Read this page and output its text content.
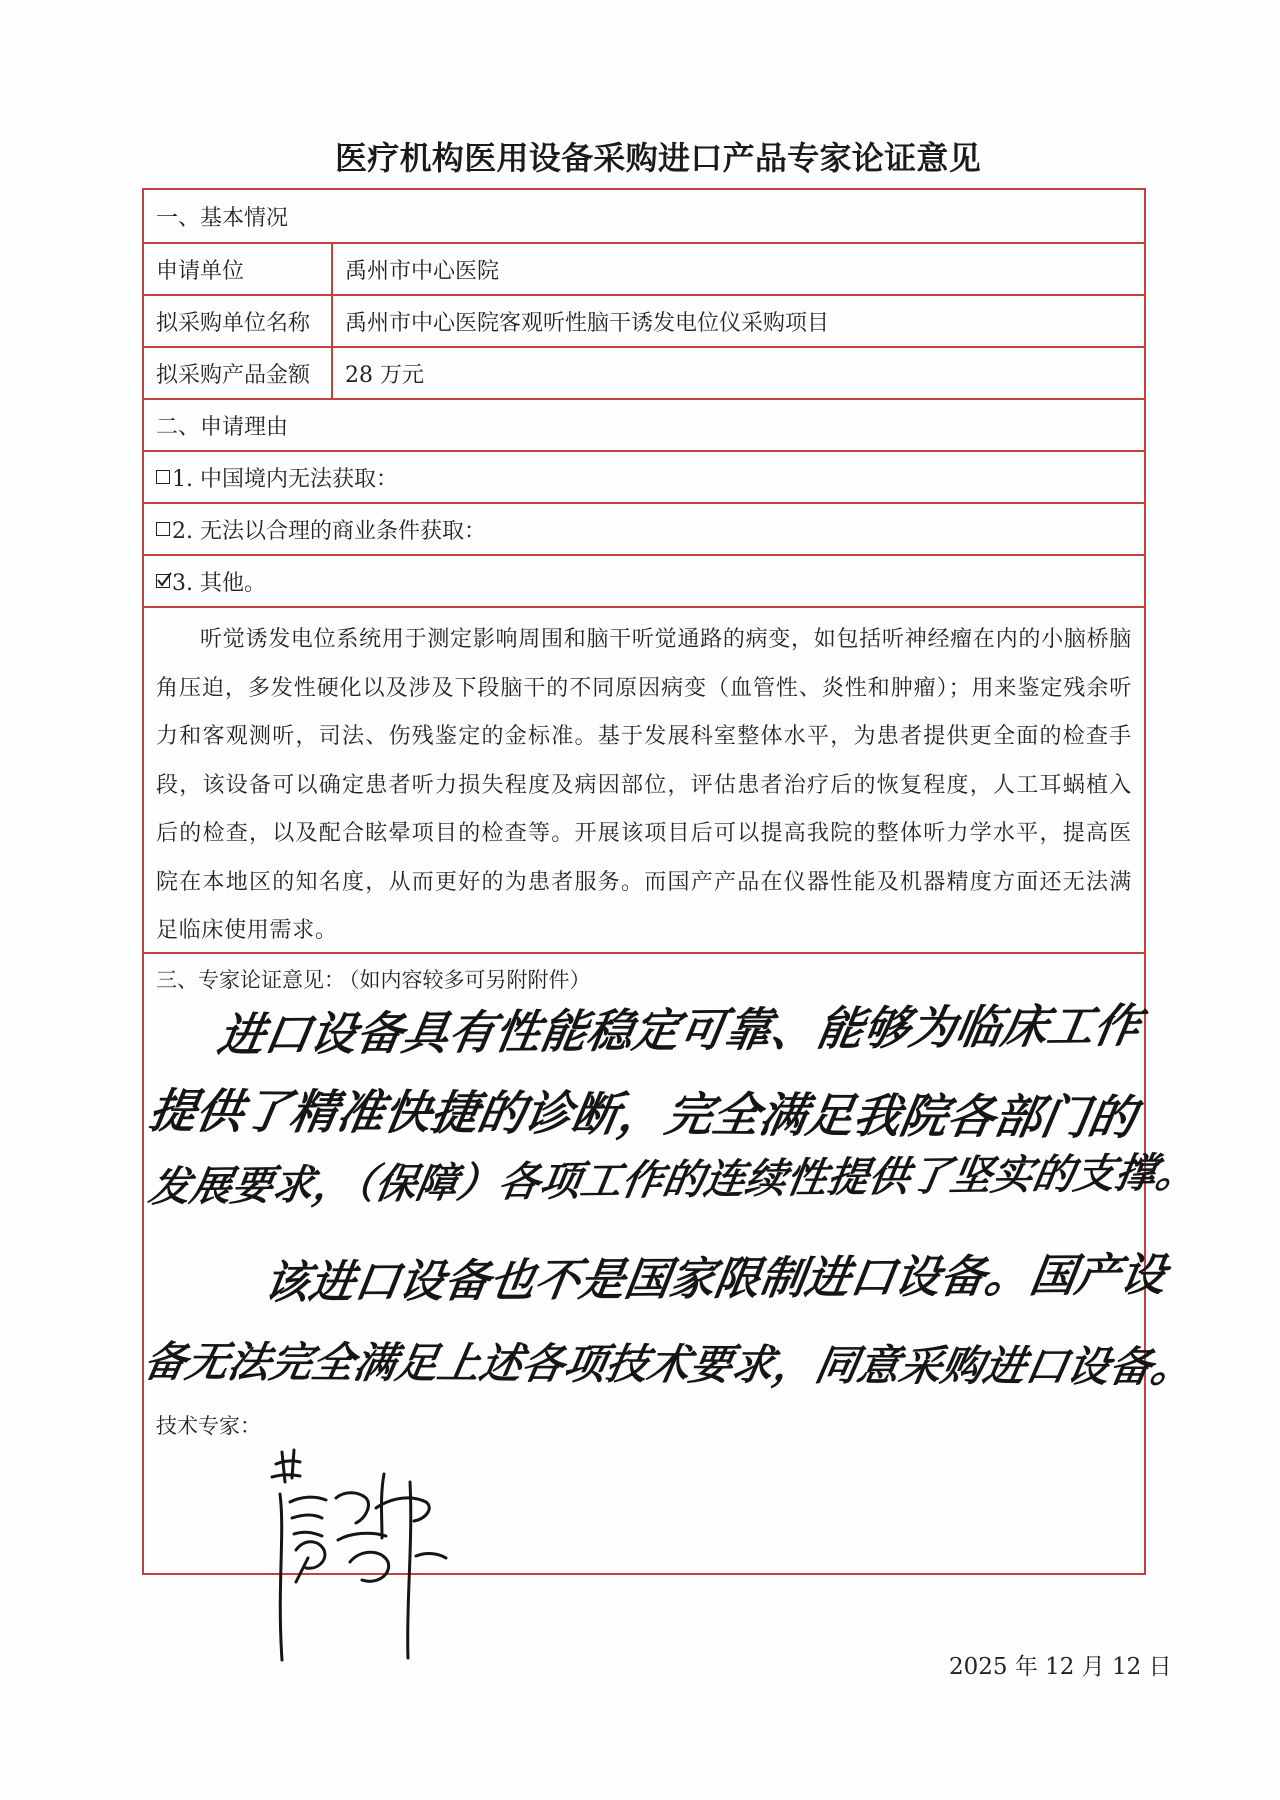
医疗机构医用设备采购进口产品专家论证意见
一、基本情况
申请单位	禹州市中心医院
拟采购单位名称	禹州市中心医院客观听性脑干诱发电位仪采购项目
拟采购产品金额	28 万元
二、申请理由
1. 中国境内无法获取：
2. 无法以合理的商业条件获取：
3. 其他。
听觉诱发电位系统用于测定影响周围和脑干听觉通路的病变，如包括听神经瘤在内的小脑桥脑角压迫，多发性硬化以及涉及下段脑干的不同原因病变（血管性、炎性和肿瘤）；用来鉴定残余听力和客观测听，司法、伤残鉴定的金标准。基于发展科室整体水平，为患者提供更全面的检查手段，该设备可以确定患者听力损失程度及病因部位，评估患者治疗后的恢复程度，人工耳蜗植入后的检查，以及配合眩晕项目的检查等。开展该项目后可以提高我院的整体听力学水平，提高医院在本地区的知名度，从而更好的为患者服务。而国产产品在仪器性能及机器精度方面还无法满足临床使用需求。
三、专家论证意见： （如内容较多可另附附件）
进口设备具有性能稳定可靠、能够为临床工作
提供了精准快捷的诊断，完全满足我院各部门的
发展要求，（保障）各项工作的连续性提供了坚实的支撑。
该进口设备也不是国家限制进口设备。国产设
备无法完全满足上述各项技术要求，同意采购进口设备。
技术专家：
2025 年 12 月 12 日
